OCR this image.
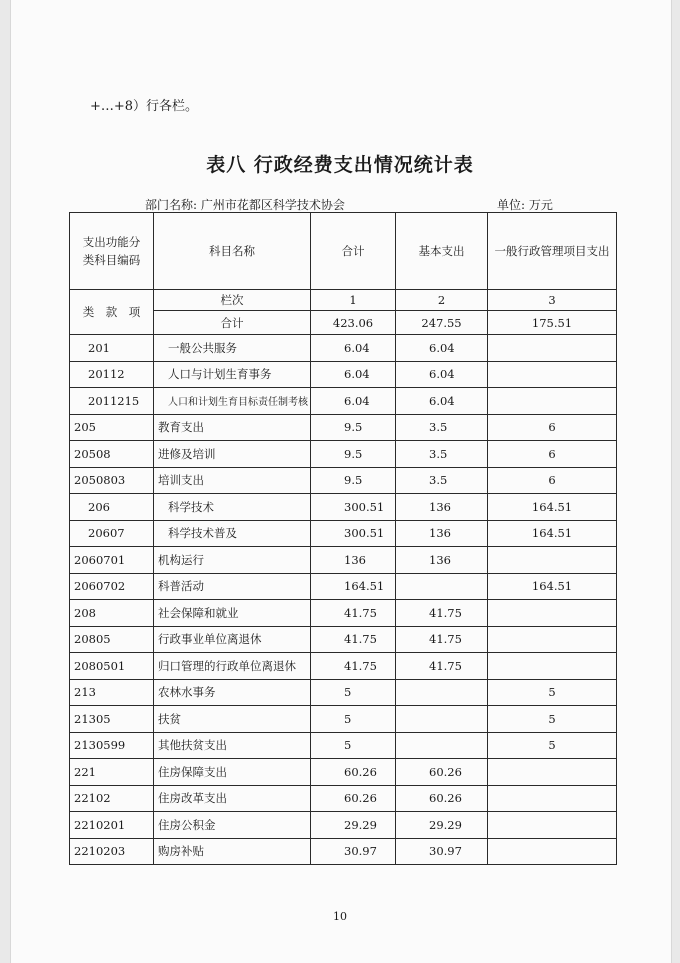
+…+8）行各栏。
表八 行政经费支出情况统计表
部门名称: 广州市花都区科学技术协会	单位: 万元
支出功能分
类科目编码	科目名称	合计	基本支出	一般行政管理项目支出
类 款 项	栏次	1	2	3
	合计	423.06	247.55	175.51
201	一般公共服务	6.04	6.04	
20112	人口与计划生育事务	6.04	6.04	
2011215	人口和计划生育目标责任制考核	6.04	6.04	
205	教育支出	9.5	3.5	6
20508	进修及培训	9.5	3.5	6
2050803	培训支出	9.5	3.5	6
206	科学技术	300.51	136	164.51
20607	科学技术普及	300.51	136	164.51
2060701	机构运行	136	136	
2060702	科普活动	164.51		164.51
208	社会保障和就业	41.75	41.75	
20805	行政事业单位离退休	41.75	41.75	
2080501	归口管理的行政单位离退休	41.75	41.75	
213	农林水事务	5		5
21305	扶贫	5		5
2130599	其他扶贫支出	5		5
221	住房保障支出	60.26	60.26	
22102	住房改革支出	60.26	60.26	
2210201	住房公积金	29.29	29.29	
2210203	购房补贴	30.97	30.97	
10
